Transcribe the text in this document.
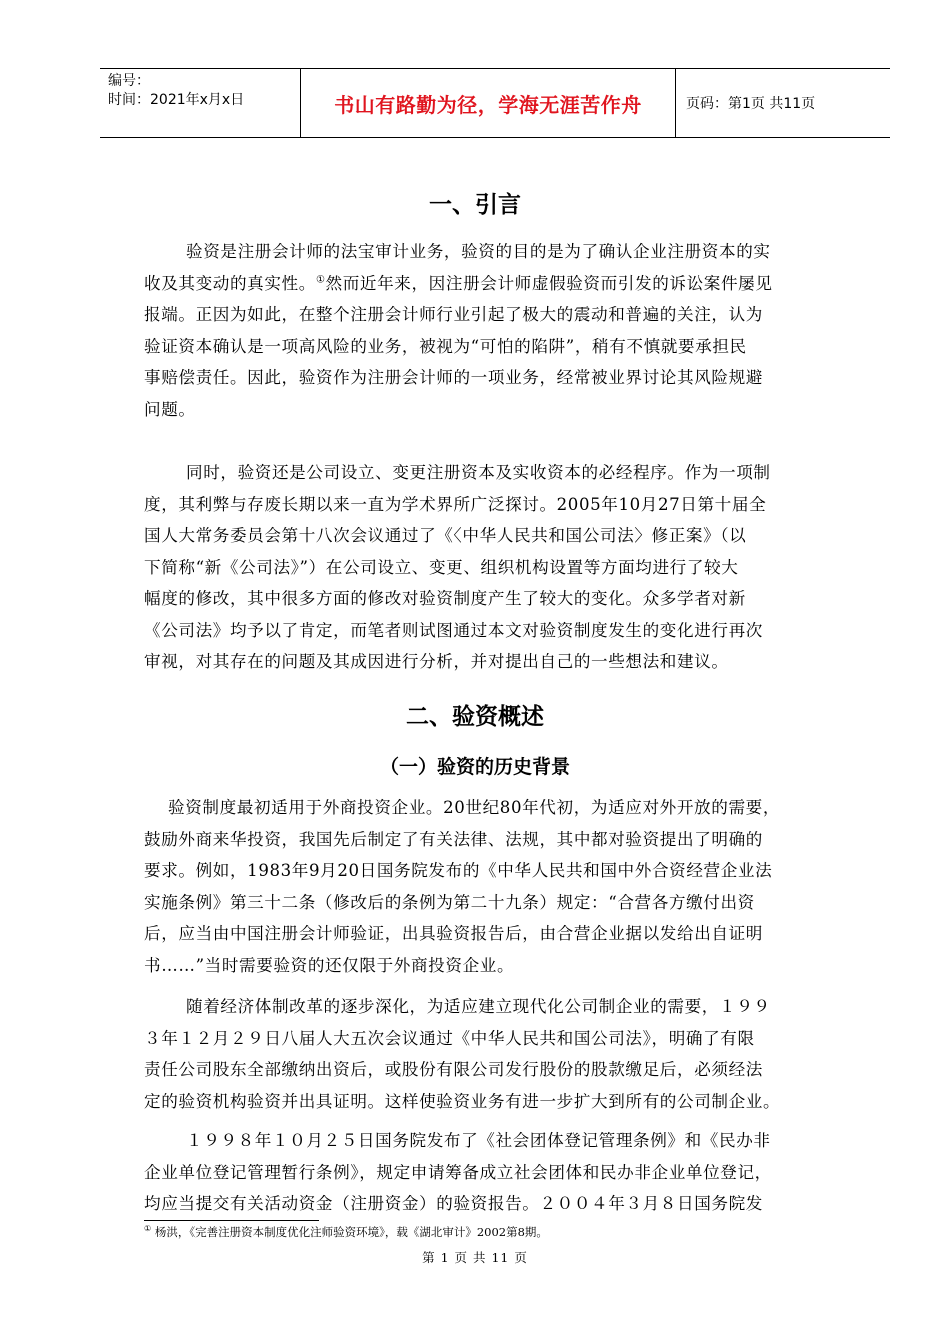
编号：
时间：2021年x月x日	书山有路勤为径，学海无涯苦作舟	页码：第1页 共11页
一、引言
验资是注册会计师的法宝审计业务，验资的目的是为了确认企业注册资本的实
收及其变动的真实性。①然而近年来，因注册会计师虚假验资而引发的诉讼案件屡见
报端。正因为如此，在整个注册会计师行业引起了极大的震动和普遍的关注，认为
验证资本确认是一项高风险的业务，被视为“可怕的陷阱”，稍有不慎就要承担民
事赔偿责任。因此，验资作为注册会计师的一项业务，经常被业界讨论其风险规避
问题。
同时，验资还是公司设立、变更注册资本及实收资本的必经程序。作为一项制
度，其利弊与存废长期以来一直为学术界所广泛探讨。2005年10月27日第十届全
国人大常务委员会第十八次会议通过了《〈中华人民共和国公司法〉修正案》（以
下简称“新《公司法》”）在公司设立、变更、组织机构设置等方面均进行了较大
幅度的修改，其中很多方面的修改对验资制度产生了较大的变化。众多学者对新
《公司法》均予以了肯定，而笔者则试图通过本文对验资制度发生的变化进行再次
审视，对其存在的问题及其成因进行分析，并对提出自己的一些想法和建议。
二、验资概述
（一）验资的历史背景
验资制度最初适用于外商投资企业。20世纪80年代初，为适应对外开放的需要，
鼓励外商来华投资，我国先后制定了有关法律、法规，其中都对验资提出了明确的
要求。例如，1983年9月20日国务院发布的《中华人民共和国中外合资经营企业法
实施条例》第三十二条（修改后的条例为第二十九条）规定：“合营各方缴付出资
后，应当由中国注册会计师验证，出具验资报告后，由合营企业据以发给出自证明
书……”当时需要验资的还仅限于外商投资企业。
随着经济体制改革的逐步深化，为适应建立现代化公司制企业的需要，１９９
３年１２月２９日八届人大五次会议通过《中华人民共和国公司法》，明确了有限
责任公司股东全部缴纳出资后，或股份有限公司发行股份的股款缴足后，必须经法
定的验资机构验资并出具证明。这样使验资业务有进一步扩大到所有的公司制企业。
１９９８年１０月２５日国务院发布了《社会团体登记管理条例》和《民办非
企业单位登记管理暂行条例》，规定申请筹备成立社会团体和民办非企业单位登记，
均应当提交有关活动资金（注册资金）的验资报告。２００４年３月８日国务院发
① 杨洪，《完善注册资本制度优化注师验资环境》，载《湖北审计》2002第8期。
第 1 页 共 11 页
